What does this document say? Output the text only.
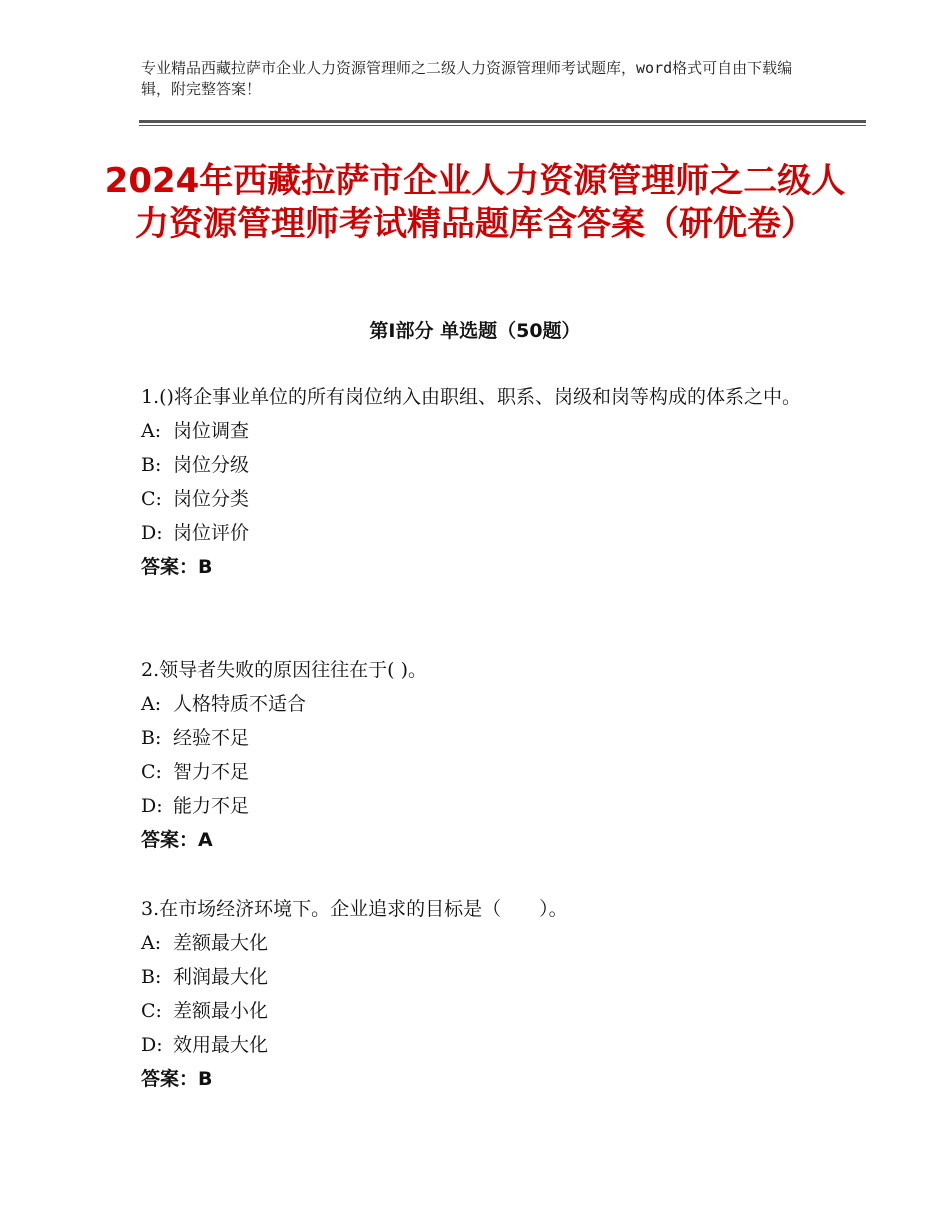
专业精品西藏拉萨市企业人力资源管理师之二级人力资源管理师考试题库，word格式可自由下载编辑，附完整答案！
2024年西藏拉萨市企业人力资源管理师之二级人力资源管理师考试精品题库含答案（研优卷）
第Ⅰ部分 单选题（50题）

1.()将企事业单位的所有岗位纳入由职组、职系、岗级和岗等构成的体系之中。

A: 岗位调查

B: 岗位分级

C: 岗位分类

D: 岗位评价

答案：B

2.领导者失败的原因往往在于( )。

A: 人格特质不适合

B: 经验不足

C: 智力不足

D: 能力不足

答案：A

3.在市场经济环境下。企业追求的目标是（　　）。

A: 差额最大化

B: 利润最大化

C: 差额最小化

D: 效用最大化

答案：B
